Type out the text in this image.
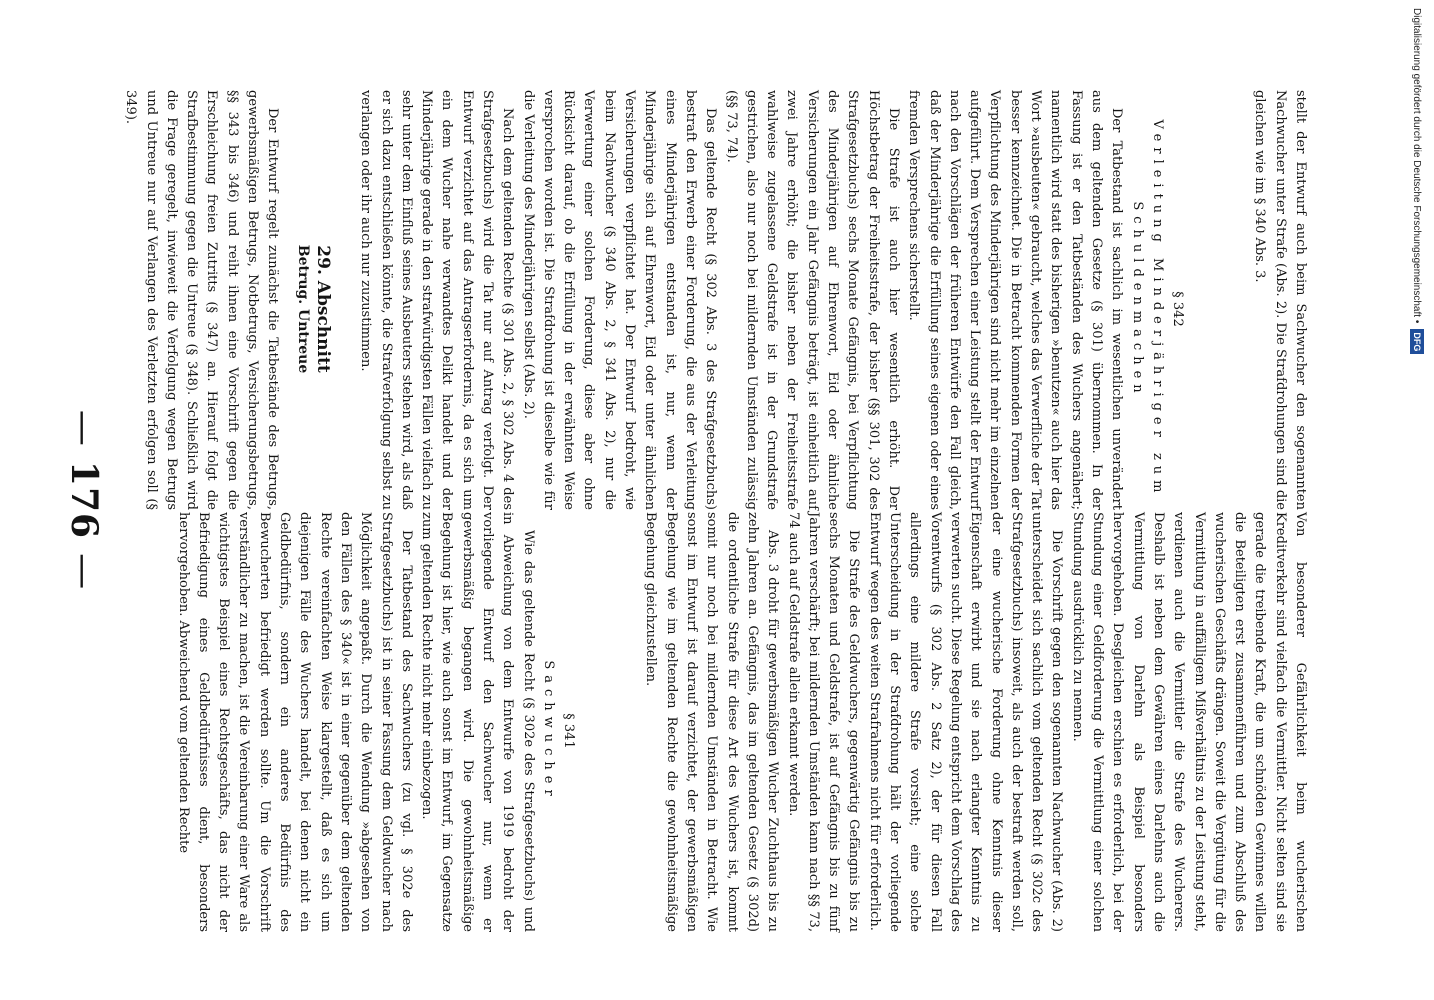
stellt der Entwurf auch beim Sachwucher den sogenannten Nachwucher unter Strafe (Abs. 2). Die Strafdrohungen sind die gleichen wie im § 340 Abs. 3.

§ 342

Verleitung Minderjähriger zum Schuldenmachen

Der Tatbestand ist sachlich im wesentlichen unverändert aus dem geltenden Gesetze (§ 301) übernommen. In der Fassung ist er den Tatbeständen des Wuchers angenähert; namentlich wird statt des bisherigen »benutzen« auch hier das Wort »ausbeuten« gebraucht, welches das Verwerfliche der Tat besser kennzeichnet. Die in Betracht kommenden Formen der Verpflichtung des Minderjährigen sind nicht mehr im einzelnen aufgeführt. Dem Versprechen einer Leistung stellt der Entwurf nach den Vorschlägen der früheren Entwürfe den Fall gleich, daß der Minderjährige die Erfüllung seines eigenen oder eines fremden Versprechens sicherstellt.

Die Strafe ist auch hier wesentlich erhöht. Der Höchstbetrag der Freiheitsstrafe, der bisher (§§ 301, 302 des Strafgesetzbuchs) sechs Monate Gefängnis, bei Verpflichtung des Minderjährigen auf Ehrenwort, Eid oder ähnliche Versicherungen ein Jahr Gefängnis beträgt, ist einheitlich auf zwei Jahre erhöht; die bisher neben der Freiheitsstrafe wahlweise zugelassene Geldstrafe ist in der Grundstrafe gestrichen, also nur noch bei mildernden Umständen zulässig (§§ 73, 74).

Das geltende Recht (§ 302 Abs. 3 des Strafgesetzbuchs) bestraft den Erwerb einer Forderung, die aus der Verleitung eines Minderjährigen entstanden ist, nur, wenn der Minderjährige sich auf Ehrenwort, Eid oder unter ähnlichen Versicherungen verpflichtet hat. Der Entwurf bedroht, wie beim Nachwucher (§ 340 Abs. 2, § 341 Abs. 2), nur die Verwertung einer solchen Forderung, diese aber ohne Rücksicht darauf, ob die Erfüllung in der erwähnten Weise versprochen worden ist. Die Strafdrohung ist dieselbe wie für die Verleitung des Minderjährigen selbst (Abs. 2).

Nach dem geltenden Rechte (§ 301 Abs. 2, § 302 Abs. 4 des Strafgesetzbuchs) wird die Tat nur auf Antrag verfolgt. Der Entwurf verzichtet auf das Antragserfordernis, da es sich um ein dem Wucher nahe verwandtes Delikt handelt und der Minderjährige gerade in den strafwürdigsten Fällen vielfach zu sehr unter dem Einfluß seines Ausbeuters stehen wird, als daß er sich dazu entschließen könnte, die Strafverfolgung selbst zu verlangen oder ihr auch nur zuzustimmen.

29. Abschnitt

Betrug. Untreue

Der Entwurf regelt zunächst die Tatbestände des Betrugs, gewerbsmäßigen Betrugs, Notbetrugs, Versicherungsbetrugs, §§ 343 bis 346) und reiht ihnen eine Vorschrift gegen die Erschleichung freien Zutritts (§ 347) an. Hierauf folgt die Strafbestimmung gegen die Untreue (§ 348). Schließlich wird die Frage geregelt, inwieweit die Verfolgung wegen Betrugs und Untreue nur auf Verlangen des Verletzten erfolgen soll (§ 349).

Von besonderer Gefährlichkeit beim wucherischen Kreditverkehr sind vielfach die Vermittler. Nicht selten sind sie gerade die treibende Kraft, die um schnöden Gewinnes willen die Beteiligten erst zusammenführen und zum Abschluß des wucherischen Geschäfts drängen. Soweit die Vergütung für die Vermittlung in auffälligem Mißverhältnis zu der Leistung steht, verdienen auch die Vermittler die Strafe des Wucherers. Deshalb ist neben dem Gewähren eines Darlehns auch die Vermittlung von Darlehn als Beispiel besonders hervorgehoben. Desgleichen erschien es erforderlich, bei der Stundung einer Geldforderung die Vermittlung einer solchen Stundung ausdrücklich zu nennen.

Die Vorschrift gegen den sogenannten Nachwucher (Abs. 2) unterscheidet sich sachlich vom geltenden Recht (§ 302c des Strafgesetzbuchs) insoweit, als auch der bestraft werden soll, der eine wucherische Forderung ohne Kenntnis dieser Eigenschaft erwirbt und sie nach erlangter Kenntnis zu verwerten sucht. Diese Regelung entspricht dem Vorschlag des Vorentwurfs (§ 302 Abs. 2 Satz 2), der für diesen Fall allerdings eine mildere Strafe vorsieht; eine solche Unterscheidung in der Strafdrohung hält der vorliegende Entwurf wegen des weiten Strafrahmens nicht für erforderlich.

Die Strafe des Geldwuchers, gegenwärtig Gefängnis bis zu sechs Monaten und Geldstrafe, ist auf Gefängnis bis zu fünf Jahren verschärft; bei mildernden Umständen kann nach §§ 73, 74 auch auf Geldstrafe allein erkannt werden.

Abs. 3 droht für gewerbsmäßigen Wucher Zuchthaus bis zu zehn Jahren an. Gefängnis, das im geltenden Gesetz (§ 302d) die ordentliche Strafe für diese Art des Wuchers ist, kommt somit nur noch bei mildernden Umständen in Betracht. Wie sonst im Entwurf ist darauf verzichtet, der gewerbsmäßigen Begehung wie im geltenden Rechte die gewohnheitsmäßige Begehung gleichzustellen.

§ 341

Sachwucher

Wie das geltende Recht (§ 302e des Strafgesetzbuchs) und in Abweichung von dem Entwurfe von 1919 bedroht der vorliegende Entwurf den Sachwucher nur, wenn er gewerbsmäßig begangen wird. Die gewohnheitsmäßige Begehung ist hier, wie auch sonst im Entwurf, im Gegensatze zum geltenden Rechte nicht mehr einbezogen.

Der Tatbestand des Sachwuchers (zu vgl. § 302e des Strafgesetzbuchs) ist in seiner Fassung dem Geldwucher nach Möglichkeit angepaßt. Durch die Wendung »abgesehen von den Fällen des § 340« ist in einer gegenüber dem geltenden Rechte vereinfachten Weise klargestellt, daß es sich um diejenigen Fälle des Wuchers handelt, bei denen nicht ein Geldbedürfnis, sondern ein anderes Bedürfnis des Bewucherten befriedigt werden sollte. Um die Vorschrift verständlicher zu machen, ist die Vereinbarung einer Ware als wichtigstes Beispiel eines Rechtsgeschäfts, das nicht der Befriedigung eines Geldbedürfnisses dient, besonders hervorgehoben. Abweichend vom geltenden Rechte

—
176
—
Digitalisierung gefördert durch die Deutsche Forschungsgemeinschaft •
DFG
